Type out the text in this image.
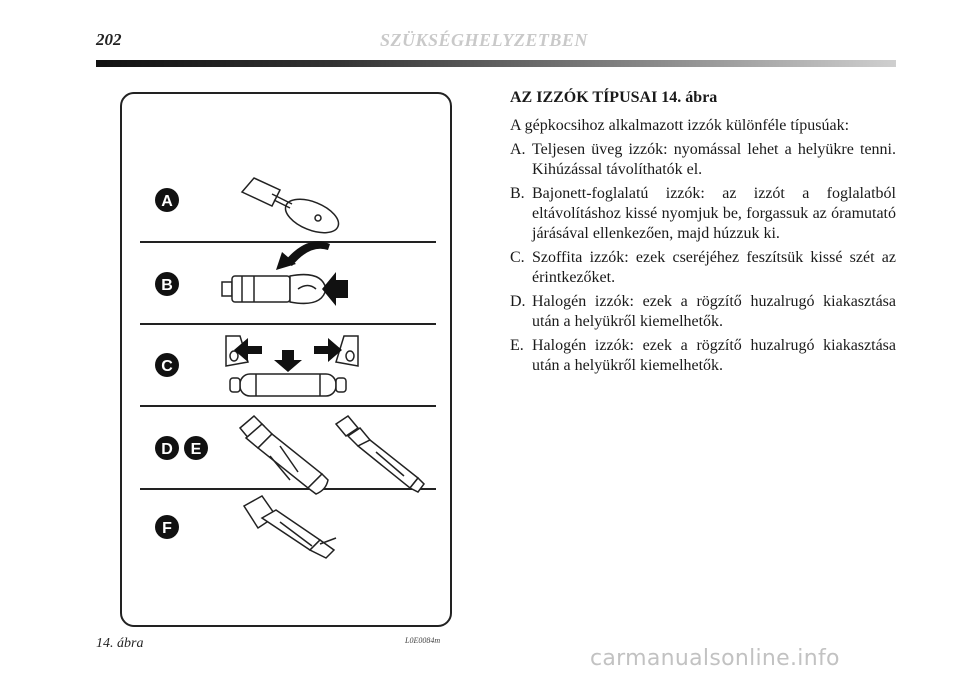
202	SZÜKSÉGHELYZETBEN
A
B
C
D E
F
14. ábra	L0E0084m
AZ IZZÓK TÍPUSAI 14. ábra
A gépkocsihoz alkalmazott izzók különféle típusúak:
A. Teljesen üveg izzók: nyomással lehet a helyükre tenni. Kihúzással távolíthatók el.
B. Bajonett-foglalatú izzók: az izzót a foglalatból eltávolításhoz kissé nyomjuk be, forgassuk az óramutató járásával ellenkezően, majd húzzuk ki.
C. Szoffita izzók: ezek cseréjéhez feszítsük kissé szét az érintkezőket.
D. Halogén izzók: ezek a rögzítő huzalrugó kiakasztása után a helyükről kiemelhetők.
E. Halogén izzók: ezek a rögzítő huzalrugó kiakasztása után a helyükről kiemelhetők.
carmanualsonline.info
